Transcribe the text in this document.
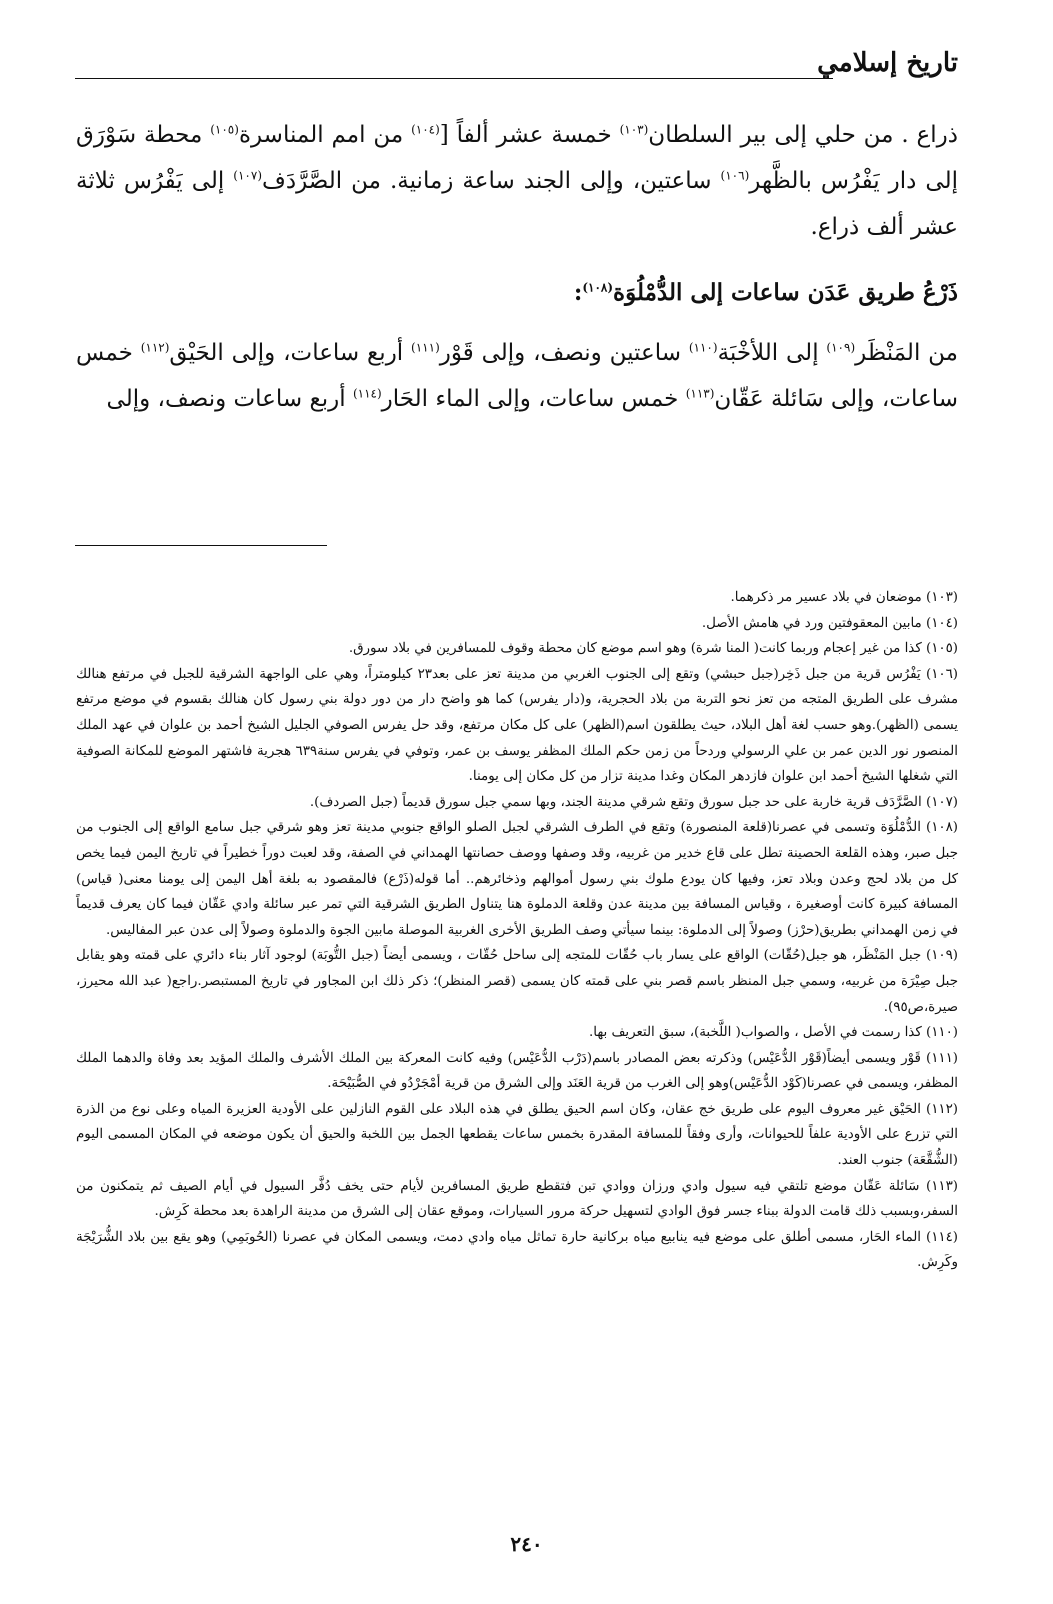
تاريخ إسلامي

ذراع . من حلي إلى بير السلطان$^{(١٠٣)}$ خمسة عشر ألفاً [$^{(١٠٤)}$ من امم المناسرة$^{(١٠٥)}$ محطة سَوْرَق إلى دار يَفْرُس بالظَّهر$^{(١٠٦)}$ ساعتين، وإلى الجند ساعة زمانية. من الصَّرَّدَف$^{(١٠٧)}$ إلى يَفْرُس ثلاثة عشر ألف ذراع.

ذَرْعُ طريق عَدَن ساعات إلى الدُّمْلُوَة$^{(١٠٨)}$:

من المَنْظَر$^{(١٠٩)}$ إلى اللأخْبَة$^{(١١٠)}$ ساعتين ونصف، وإلى قَوْر$^{(١١١)}$ أربع ساعات، وإلى الحَيْق$^{(١١٢)}$ خمس ساعات، وإلى سَائلة عَقّان$^{(١١٣)}$ خمس ساعات، وإلى الماء الحَار$^{(١١٤)}$ أربع ساعات ونصف، وإلى

(١٠٣) موضعان في بلاد عسير مر ذكرهما.

(١٠٤) مابين المعقوفتين ورد في هامش الأصل.

(١٠٥) كذا من غير إعجام وربما كانت( المنا شرة) وهو اسم موضع كان محطة وقوف للمسافرين في بلاد سورق.

(١٠٦) يَفْرُس قرية من جبل ذَخِر(جبل حبشي) وتقع إلى الجنوب الغربي من مدينة تعز على بعد٢٣ كيلومتراً، وهي على الواجهة الشرقية للجبل في مرتفع هنالك مشرف على الطريق المتجه من تعز نحو التربة من بلاد الحجرية، و(دار يفرس) كما هو واضح دار من دور دولة بني رسول كان هنالك بقسوم في موضع مرتفع يسمى (الظهر).وهو حسب لغة أهل البلاد، حيث يطلقون اسم(الظهر) على كل مكان مرتفع، وقد حل يفرس الصوفي الجليل الشيخ أحمد بن علوان في عهد الملك المنصور نور الدين عمر بن علي الرسولي وردحاً من زمن حكم الملك المظفر يوسف بن عمر، وتوفي في يفرس سنة٦٣٩ هجرية فاشتهر الموضع للمكانة الصوفية التي شغلها الشيخ أحمد ابن علوان فازدهر المكان وغدا مدينة تزار من كل مكان إلى يومنا.

(١٠٧) الصَّرَّدَف قرية خاربة على حد جبل سورق وتقع شرقي مدينة الجند، وبها سمي جبل سورق قديماً (جبل الصردف).

(١٠٨) الدُّمْلُوَة وتسمى في عصرنا(قلعة المنصورة) وتقع في الطرف الشرقي لجبل الصلو الواقع جنوبي مدينة تعز وهو شرقي جبل سامع الواقع إلى الجنوب من جبل صبر، وهذه القلعة الحصينة تطل على قاع خدير من غربيه، وقد وصفها ووصف حصانتها الهمداني في الصفة، وقد لعبت دوراً خطيراً في تاريخ اليمن فيما يخص كل من بلاد لحج وعدن وبلاد تعز، وفيها كان يودع ملوك بني رسول أموالهم وذخائرهم.. أما قوله(ذَرْع) فالمقصود به بلغة أهل اليمن إلى يومنا معنى( قياس) المسافة كبيرة كانت أوصغيرة ، وقياس المسافة بين مدينة عدن وقلعة الدملوة هنا يتناول الطريق الشرقية التي تمر عبر سائلة وادي عَقّان فيما كان يعرف قديماً في زمن الهمداني بطريق(حرْز) وصولاً إلى الدملوة: بينما سيأتي وصف الطريق الأخرى الغربية الموصلة مابين الجوة والدملوة وصولاً إلى عدن عبر المفاليس.

(١٠٩) جبل المَنْظَر، هو جبل(حُقّات) الواقع على يسار باب حُقّات للمتجه إلى ساحل حُقّات ، ويسمى أيضاً (جبل التُّوبَة) لوجود آثار بناء دائري على قمته وهو يقابل جبل صِيْرَة من غربيه، وسمي جبل المنظر باسم قصر بني على قمته كان يسمى (قصر المنظر)؛ ذكر ذلك ابن المجاور في تاريخ المستبصر.راجع( عبد الله محيرز، صيرة،ص٩٥).

(١١٠) كذا رسمت في الأصل ، والصواب( اللَّخبة)، سبق التعريف بها.

(١١١) قَوْر ويسمى أيضاً(قَوْر الدُّعَيْس) وذكرته بعض المصادر باسم(دَرْب الدُّعَيْس) وفيه كانت المعركة بين الملك الأشرف والملك المؤيد بعد وفاة والدهما الملك المظفر، ويسمى في عصرنا(كَوْد الدُّعَيْس)وهو إلى الغرب من قرية العَنَد وإلى الشرق من قرية أمْجَرْدُو في الصُّبَيْحَة.

(١١٢) الحَيْق غير معروف اليوم على طريق خج عقان، وكان اسم الحيق يطلق في هذه البلاد على القوم النازلين على الأودية العزيرة المياه وعلى نوع من الذرة التي تزرع على الأودية علفاً للحيوانات، وأرى وفقاً للمسافة المقدرة بخمس ساعات يقطعها الجمل بين اللخبة والحيق أن يكون موضعه في المكان المسمى اليوم (الشُّقَّعَة) جنوب العند.

(١١٣) سَائلة عَقّان موضع تلتقي فيه سيول وادي ورزان ووادي تبن فتقطع طريق المسافرين لأيام حتى يخف دُفَّر السيول في أيام الصيف ثم يتمكنون من السفر،وبسبب ذلك قامت الدولة ببناء جسر فوق الوادي لتسهيل حركة مرور السيارات، وموقع عقان إلى الشرق من مدينة الراهدة بعد محطة كَرِش.

(١١٤) الماء الحَار، مسمى أطلق على موضع فيه ينابيع مياه بركانية حارة تماثل مياه وادي دمت، ويسمى المكان في عصرنا (الحُوبَمِي) وهو يقع بين بلاد الشُّرَيْجَة وكَرِش.

٢٤٠
